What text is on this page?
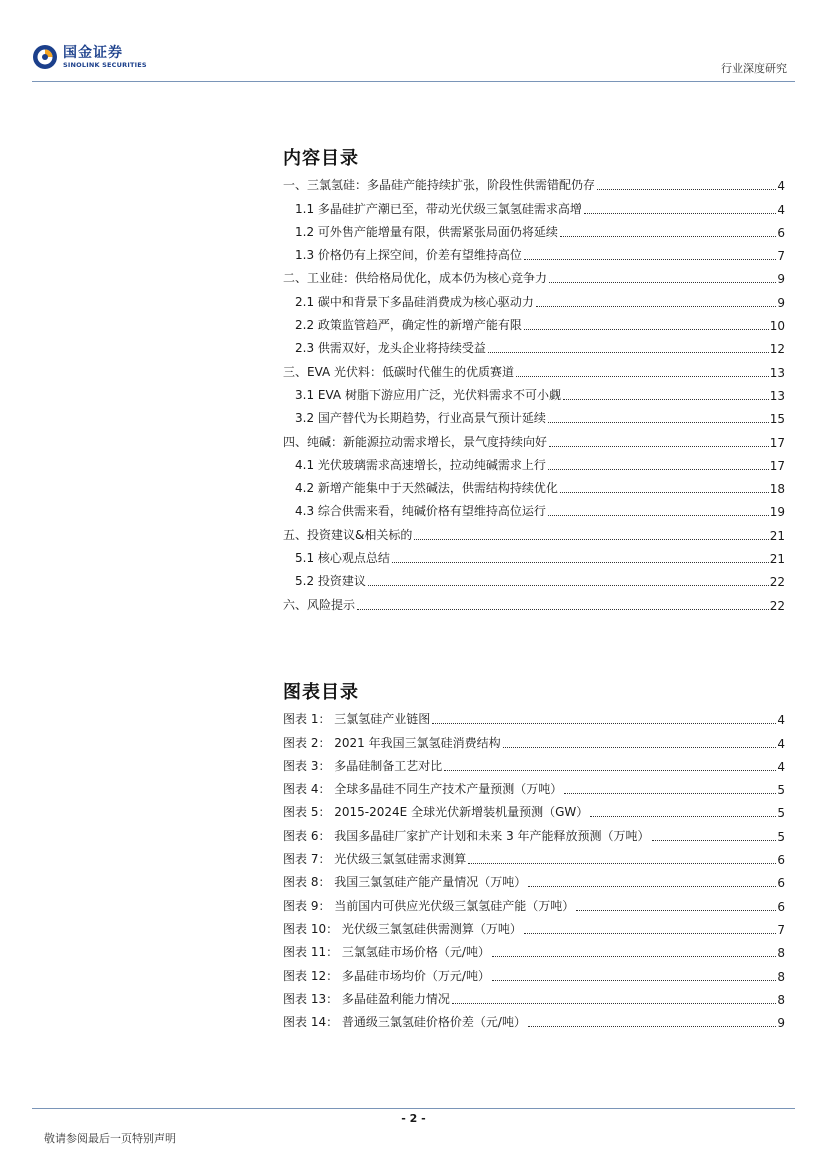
国金证券
SINOLINK SECURITIES	行业深度研究
内容目录
一、三氯氢硅：多晶硅产能持续扩张，阶段性供需错配仍存	4
1.1 多晶硅扩产潮已至，带动光伏级三氯氢硅需求高增	4
1.2 可外售产能增量有限，供需紧张局面仍将延续	6
1.3 价格仍有上探空间，价差有望维持高位	7
二、工业硅：供给格局优化，成本仍为核心竞争力	9
2.1 碳中和背景下多晶硅消费成为核心驱动力	9
2.2 政策监管趋严，确定性的新增产能有限	10
2.3 供需双好，龙头企业将持续受益	12
三、EVA 光伏料：低碳时代催生的优质赛道	13
3.1 EVA 树脂下游应用广泛，光伏料需求不可小觑	13
3.2 国产替代为长期趋势，行业高景气预计延续	15
四、纯碱：新能源拉动需求增长，景气度持续向好	17
4.1 光伏玻璃需求高速增长，拉动纯碱需求上行	17
4.2 新增产能集中于天然碱法，供需结构持续优化	18
4.3 综合供需来看，纯碱价格有望维持高位运行	19
五、投资建议&相关标的	21
5.1 核心观点总结	21
5.2 投资建议	22
六、风险提示	22
图表目录
图表 1： 三氯氢硅产业链图	4
图表 2： 2021 年我国三氯氢硅消费结构	4
图表 3： 多晶硅制备工艺对比	4
图表 4： 全球多晶硅不同生产技术产量预测（万吨）	5
图表 5： 2015-2024E 全球光伏新增装机量预测（GW）	5
图表 6： 我国多晶硅厂家扩产计划和未来 3 年产能释放预测（万吨）	5
图表 7： 光伏级三氯氢硅需求测算	6
图表 8： 我国三氯氢硅产能产量情况（万吨）	6
图表 9： 当前国内可供应光伏级三氯氢硅产能（万吨）	6
图表 10： 光伏级三氯氢硅供需测算（万吨）	7
图表 11： 三氯氢硅市场价格（元/吨）	8
图表 12： 多晶硅市场均价（万元/吨）	8
图表 13： 多晶硅盈利能力情况	8
图表 14： 普通级三氯氢硅价格价差（元/吨）	9
- 2 -
敬请参阅最后一页特别声明
